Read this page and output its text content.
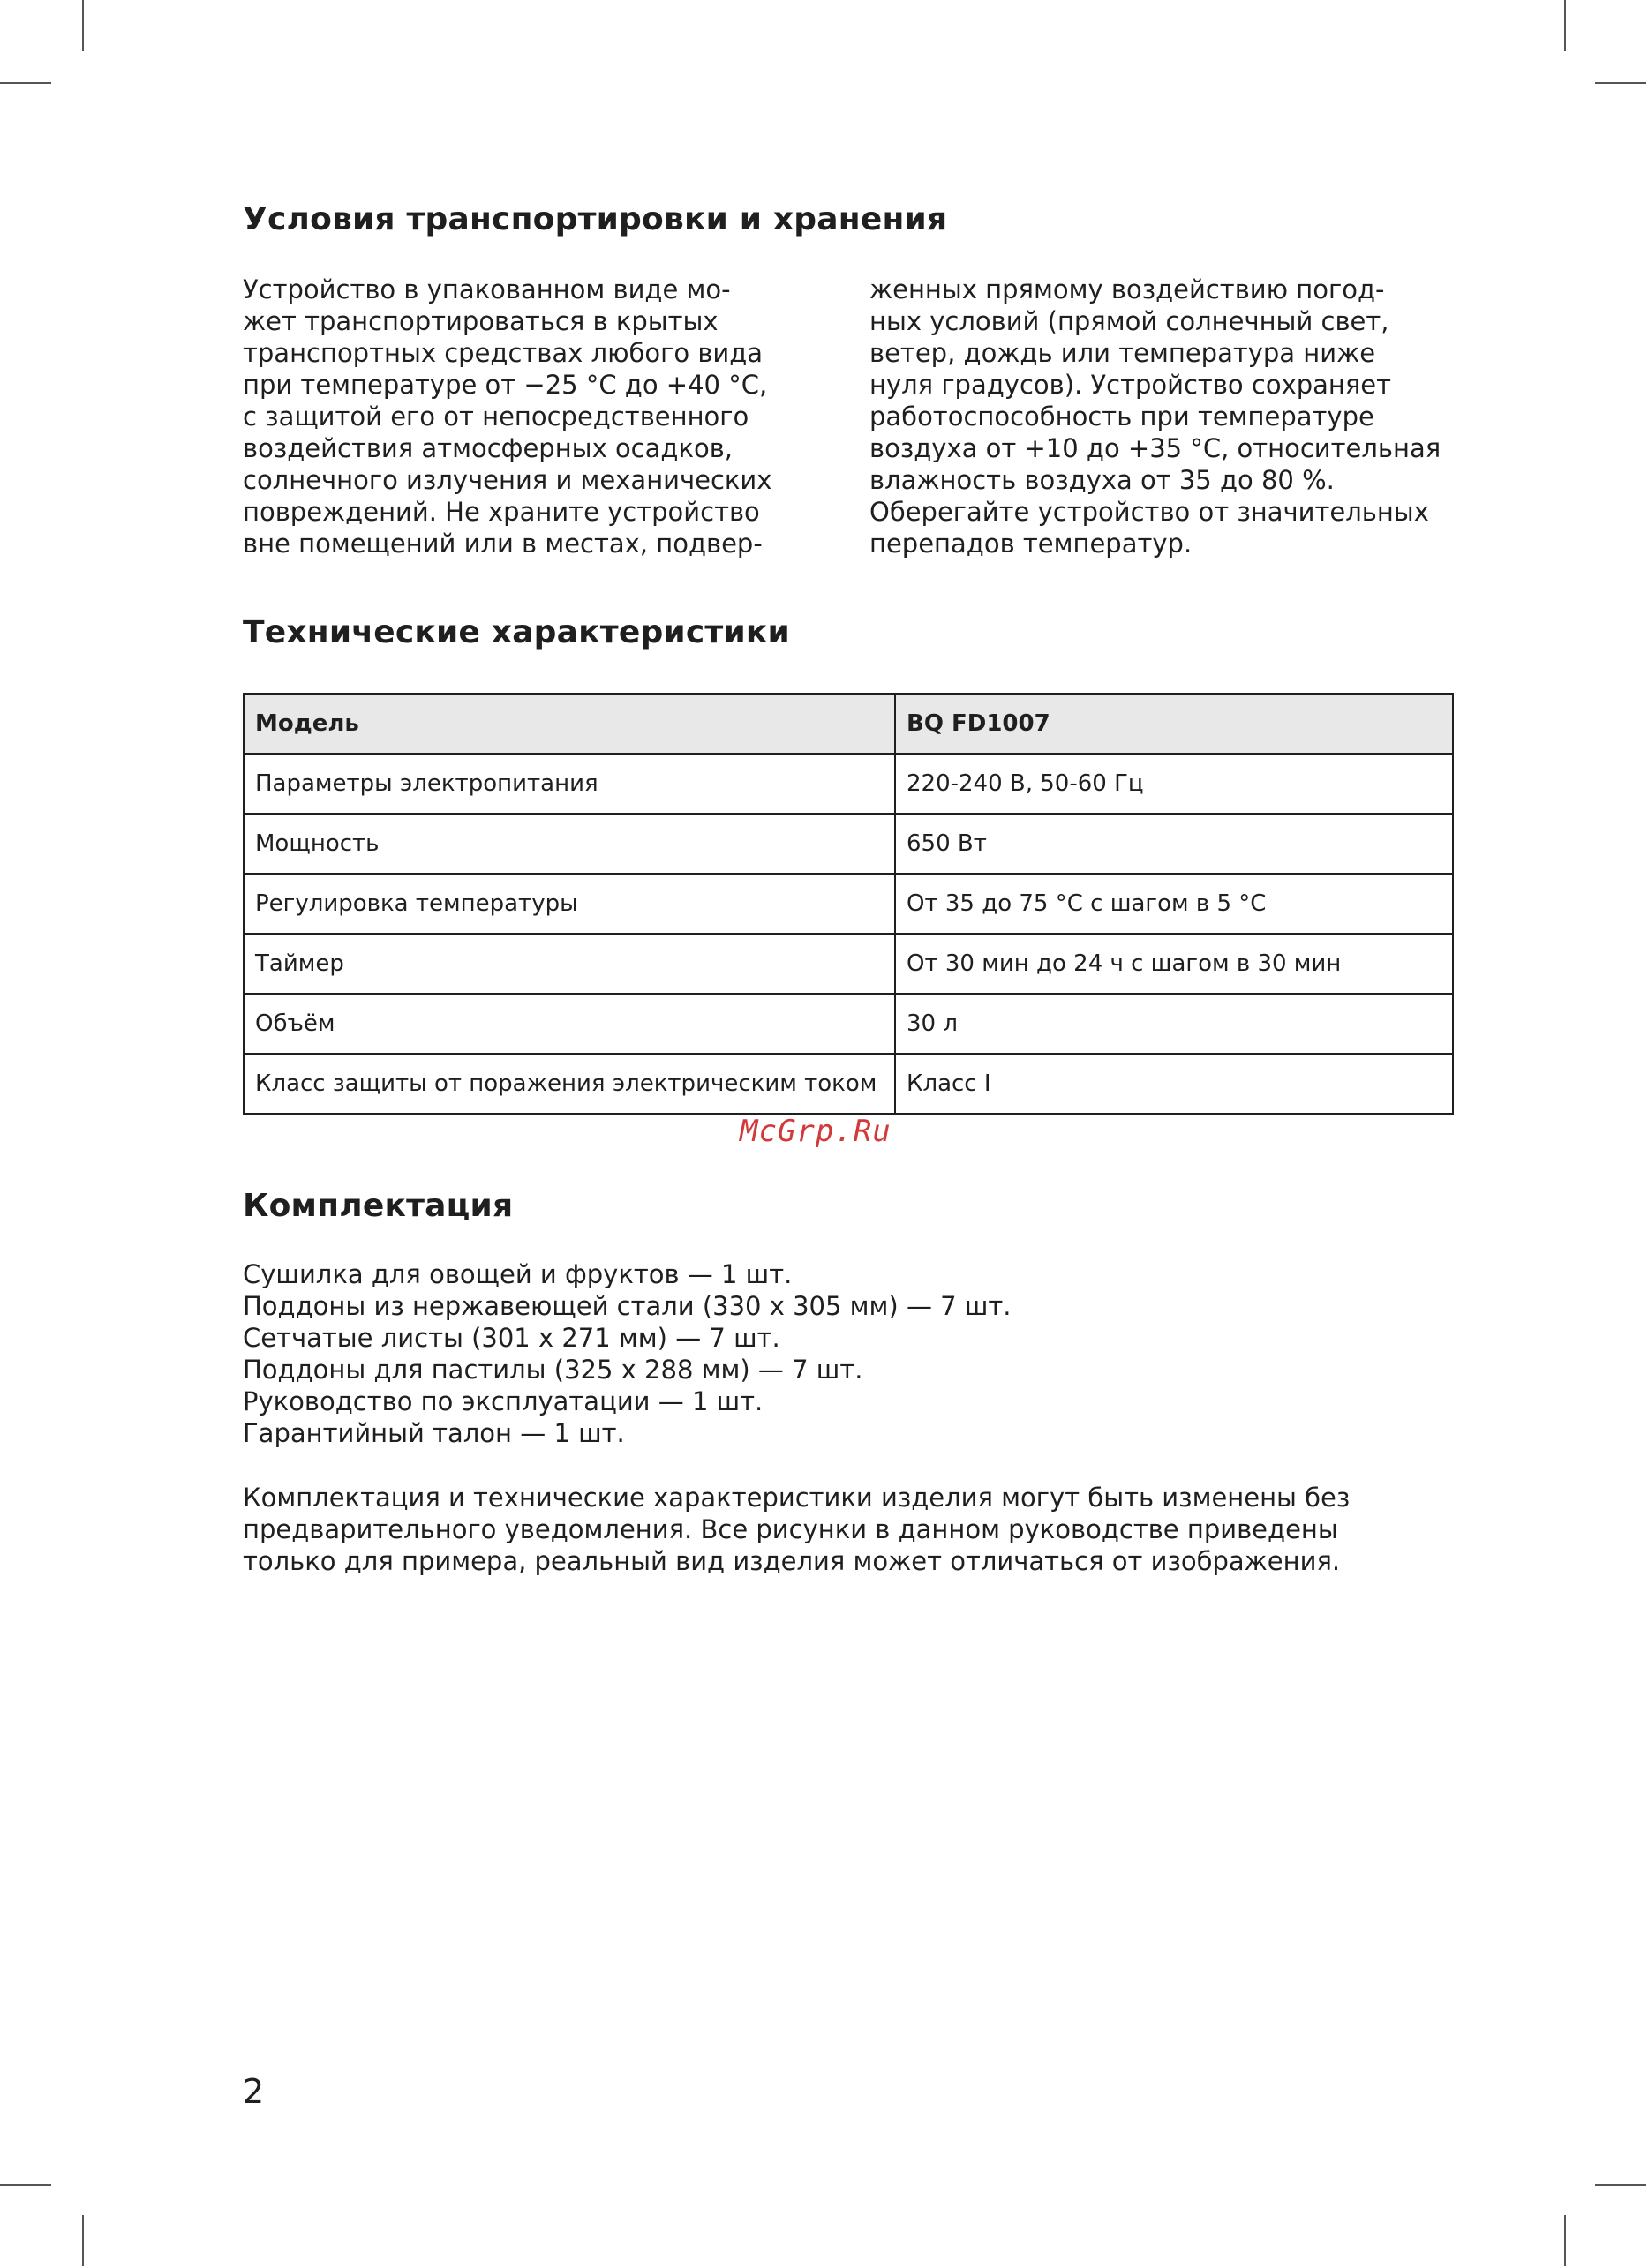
Условия транспортировки и хранения
Устройство в упакованном виде мо-
жет транспортироваться в крытых
транспортных средствах любого вида
при температуре от −25 °C до +40 °C,
с защитой его от непосредственного
воздействия атмосферных осадков,
солнечного излучения и механических
повреждений. Не храните устройство
вне помещений или в местах, подвер-
женных прямому воздействию погод-
ных условий (прямой солнечный свет,
ветер, дождь или температура ниже
нуля градусов). Устройство сохраняет
работоспособность при температуре
воздуха от +10 до +35 °C, относительная
влажность воздуха от 35 до 80 %.
Оберегайте устройство от значительных
перепадов температур.
Технические характеристики
Модель	BQ FD1007
Параметры электропитания	220-240 В, 50-60 Гц
Мощность	650 Вт
Регулировка температуры	От 35 до 75 °C с шагом в 5 °C
Таймер	От 30 мин до 24 ч с шагом в 30 мин
Объём	30 л
Класс защиты от поражения электрическим током	Класс I

McGrp.Ru

Комплектация
Сушилка для овощей и фруктов — 1 шт.
Поддоны из нержавеющей стали (330 x 305 мм) — 7 шт.
Сетчатые листы (301 x 271 мм) — 7 шт.
Поддоны для пастилы (325 x 288 мм) — 7 шт.
Руководство по эксплуатации — 1 шт.
Гарантийный талон — 1 шт.
Комплектация и технические характеристики изделия могут быть изменены без
предварительного уведомления. Все рисунки в данном руководстве приведены
только для примера, реальный вид изделия может отличаться от изображения.

2
